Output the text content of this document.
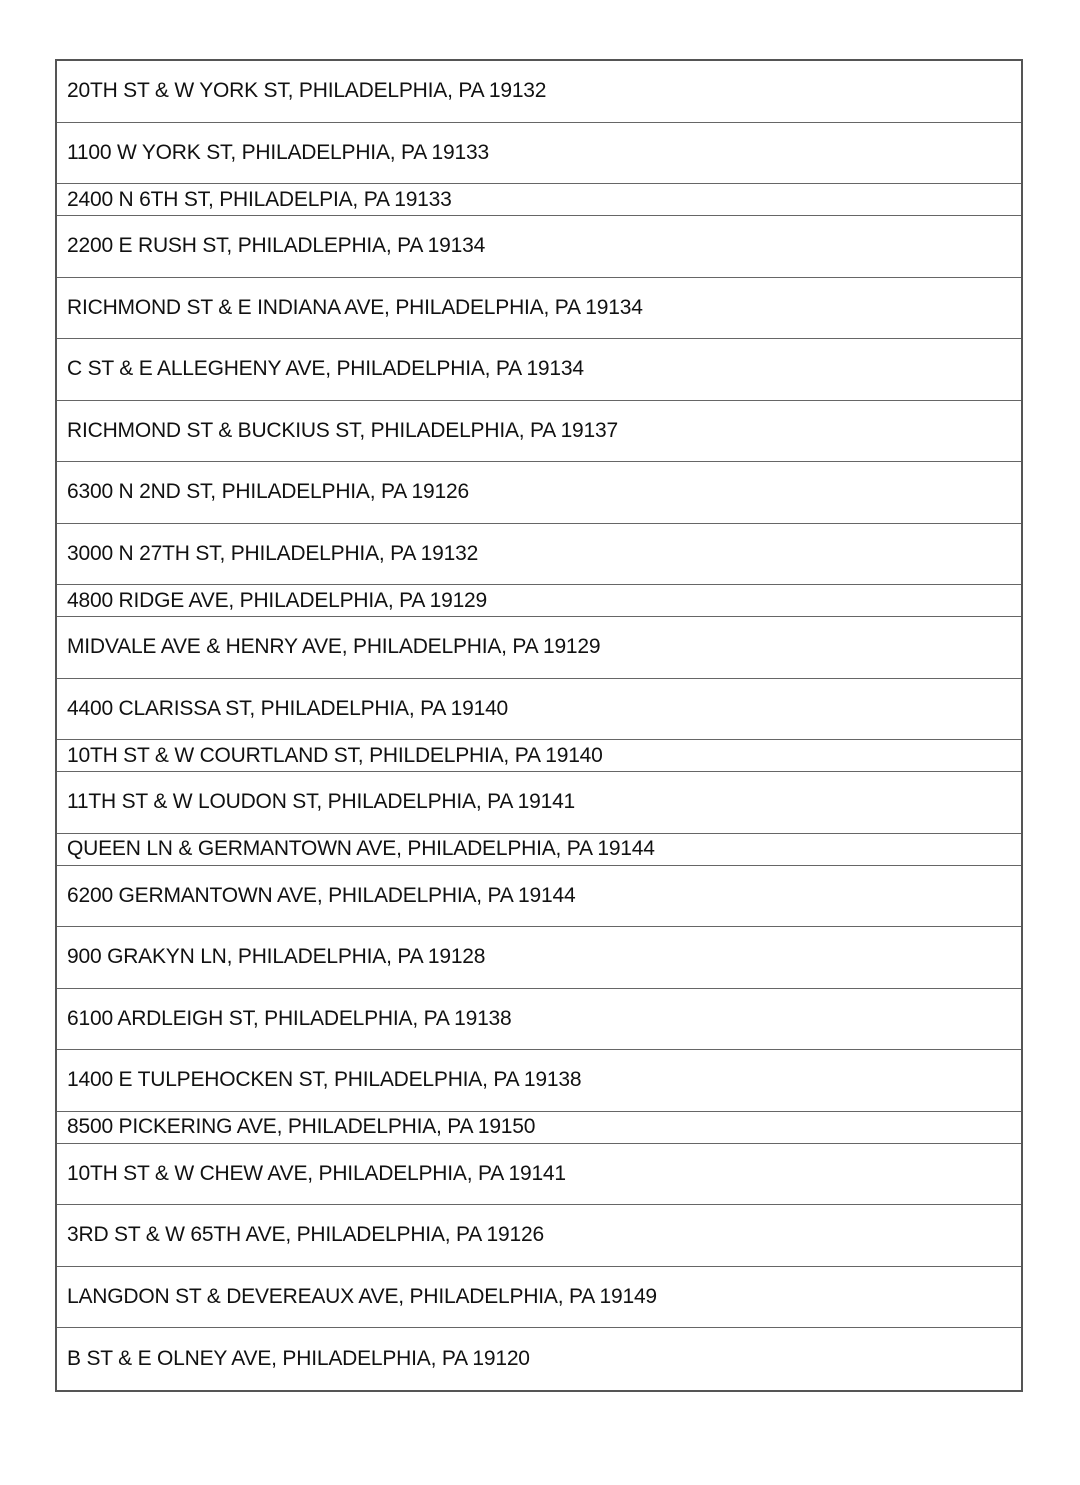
20TH ST & W YORK ST, PHILADELPHIA, PA 19132
1100 W YORK ST, PHILADELPHIA, PA 19133
2400 N 6TH ST, PHILADELPIA, PA 19133
2200 E RUSH ST, PHILADLEPHIA, PA 19134
RICHMOND ST & E INDIANA AVE, PHILADELPHIA, PA 19134
C ST & E ALLEGHENY AVE, PHILADELPHIA, PA 19134
RICHMOND ST & BUCKIUS ST, PHILADELPHIA, PA 19137
6300 N 2ND ST, PHILADELPHIA, PA 19126
3000 N 27TH ST, PHILADELPHIA, PA 19132
4800 RIDGE AVE, PHILADELPHIA, PA 19129
MIDVALE AVE & HENRY AVE, PHILADELPHIA, PA 19129
4400 CLARISSA ST, PHILADELPHIA, PA 19140
10TH ST & W COURTLAND ST, PHILDELPHIA, PA 19140
11TH ST & W LOUDON ST, PHILADELPHIA, PA 19141
QUEEN LN & GERMANTOWN AVE, PHILADELPHIA, PA 19144
6200 GERMANTOWN AVE, PHILADELPHIA, PA 19144
900 GRAKYN LN, PHILADELPHIA, PA 19128
6100 ARDLEIGH ST, PHILADELPHIA, PA 19138
1400 E TULPEHOCKEN ST, PHILADELPHIA, PA 19138
8500 PICKERING AVE, PHILADELPHIA, PA 19150
10TH ST & W CHEW AVE, PHILADELPHIA, PA 19141
3RD ST & W 65TH AVE, PHILADELPHIA, PA 19126
LANGDON ST & DEVEREAUX AVE, PHILADELPHIA, PA 19149
B ST & E OLNEY AVE, PHILADELPHIA, PA 19120
